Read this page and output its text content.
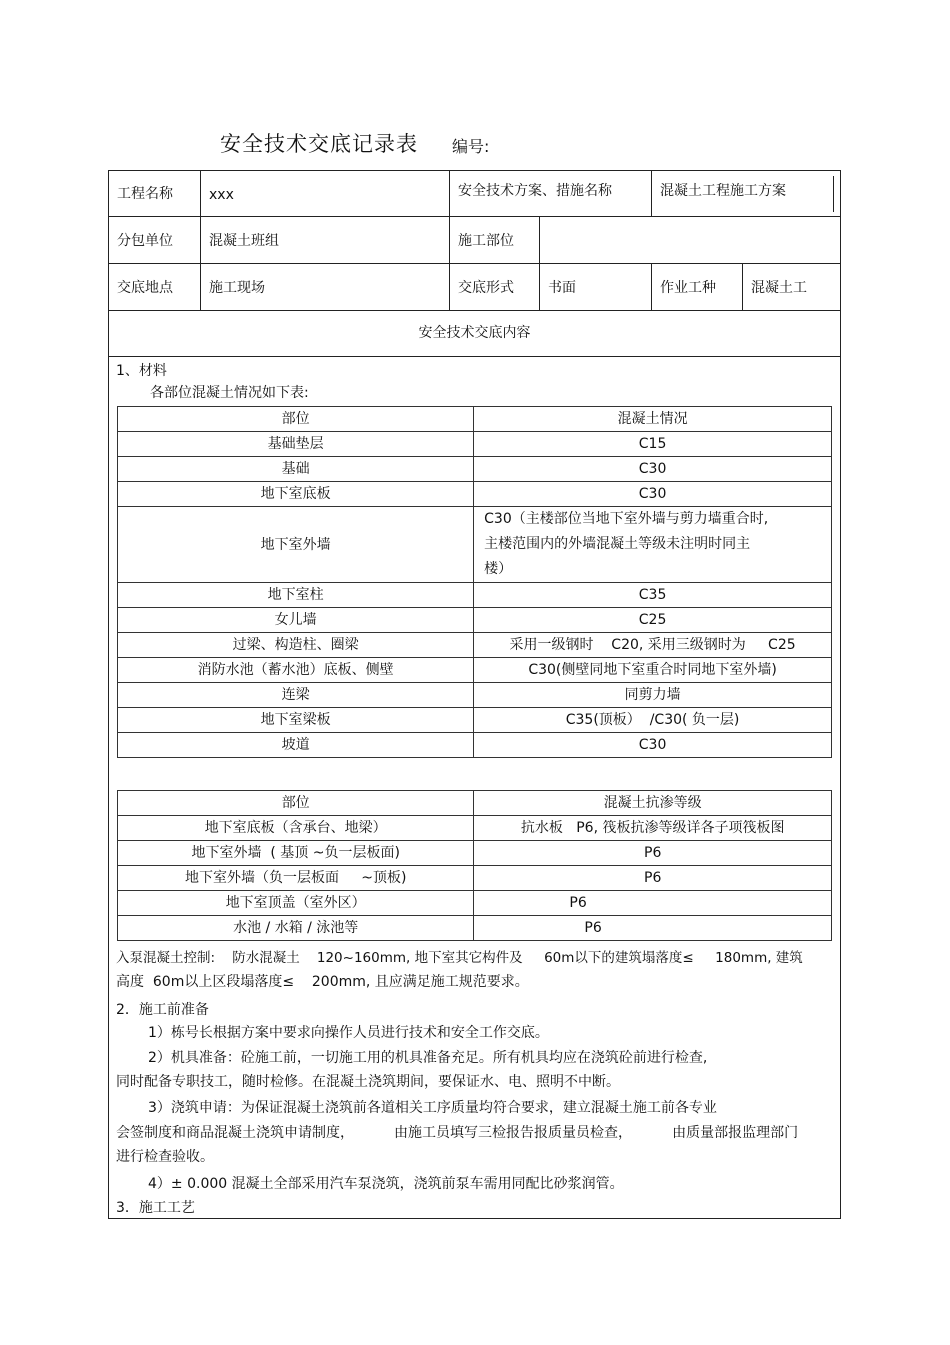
安全技术交底记录表 编号:
工程名称	xxx	安全技术方案、措施名称	混凝土工程施工方案
分包单位	混凝土班组	施工部位
交底地点	施工现场	交底形式	书面	作业工种	混凝土工
安全技术交底内容
1、材料
各部位混凝土情况如下表:
部位	混凝土情况
基础垫层	C15
基础	C30
地下室底板	C30
地下室外墙	C30（主楼部位当地下室外墙与剪力墙重合时,
主楼范围内的外墙混凝土等级未注明时同主
楼）

地下室柱	C35
女儿墙	C25
过梁、构造柱、圈梁	采用一级钢时    C20, 采用三级钢时为     C25
消防水池（蓄水池）底板、侧壁	C30(侧壁同地下室重合时同地下室外墙)
连梁	同剪力墙
地下室梁板	C35(顶板）  /C30( 负一层)
坡道	C30
部位	混凝土抗渗等级
地下室底板（含承台、地梁）	抗水板   P6, 筏板抗渗等级详各子项筏板图
地下室外墙  ( 基顶 ~负一层板面)	P6
地下室外墙（负一层板面     ~顶板)	P6
地下室顶盖（室外区）	P6
水池 / 水箱 / 泳池等	P6
入泵混凝土控制:    防水混凝土    120~160mm, 地下室其它构件及     60m以下的建筑塌落度≤     180mm, 建筑
高度  60m以上区段塌落度≤    200mm, 且应满足施工规范要求。
2．施工前准备
1）栋号长根据方案中要求向操作人员进行技术和安全工作交底。
2）机具准备：砼施工前，一切施工用的机具准备充足。所有机具均应在浇筑砼前进行检查,
同时配备专职技工，随时检修。在混凝土浇筑期间，要保证水、电、照明不中断。
3）浇筑申请：为保证混凝土浇筑前各道相关工序质量均符合要求，建立混凝土施工前各专业
会签制度和商品混凝土浇筑申请制度，         由施工员填写三检报告报质量员检查，         由质量部报监理部门
进行检查验收。
4）± 0.000 混凝土全部采用汽车泵浇筑，浇筑前泵车需用同配比砂浆润管。
3．施工工艺
